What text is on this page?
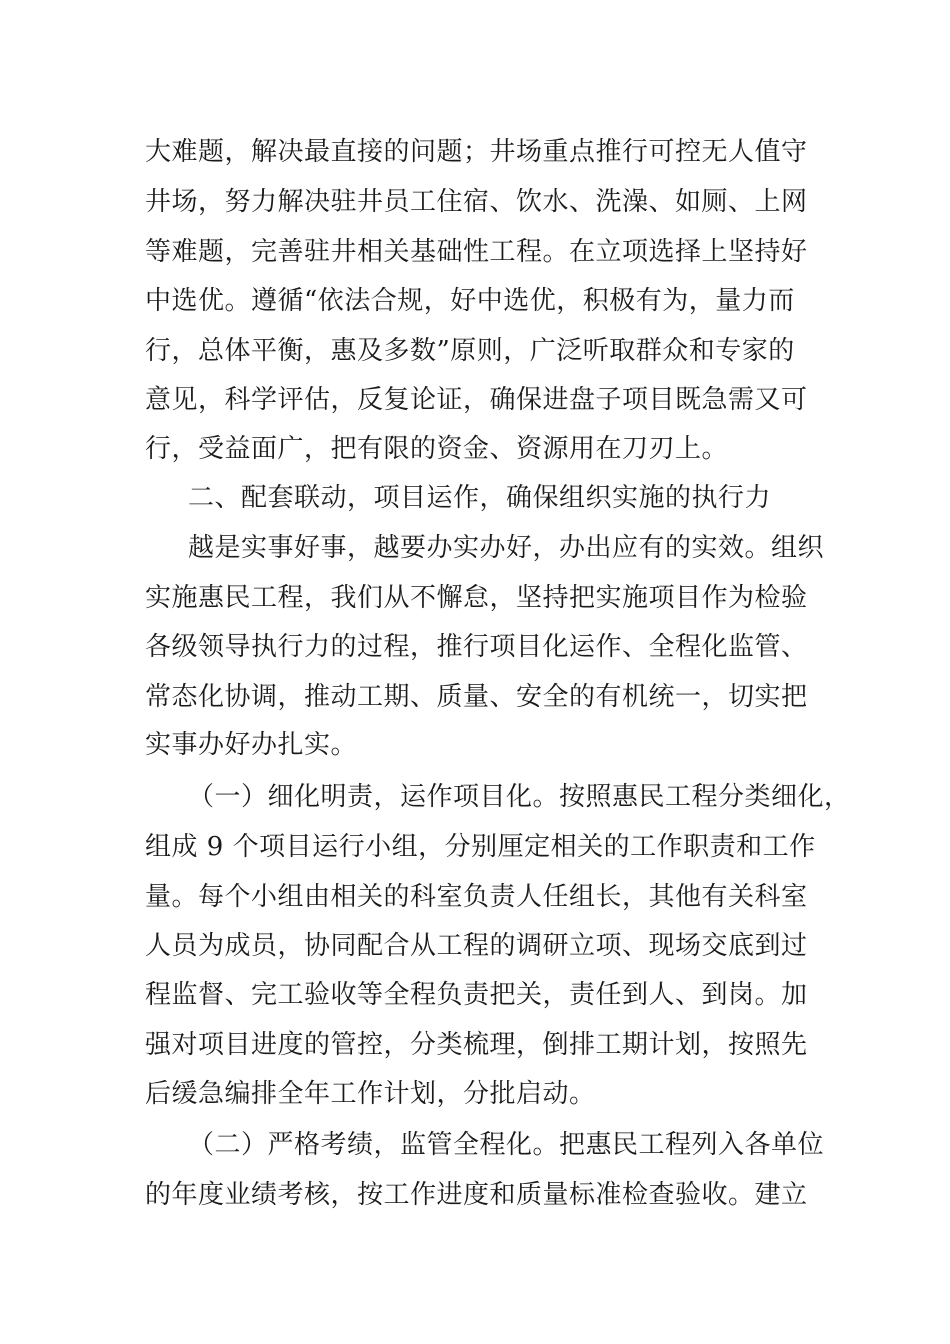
大难题，解决最直接的问题；井场重点推行可控无人值守
井场，努力解决驻井员工住宿、饮水、洗澡、如厕、上网
等难题，完善驻井相关基础性工程。在立项选择上坚持好
中选优。遵循“依法合规，好中选优，积极有为，量力而
行，总体平衡，惠及多数”原则，广泛听取群众和专家的
意见，科学评估，反复论证，确保进盘子项目既急需又可
行，受益面广，把有限的资金、资源用在刀刃上。
二、配套联动，项目运作，确保组织实施的执行力
越是实事好事，越要办实办好，办出应有的实效。组织
实施惠民工程，我们从不懈怠，坚持把实施项目作为检验
各级领导执行力的过程，推行项目化运作、全程化监管、
常态化协调，推动工期、质量、安全的有机统一，切实把
实事办好办扎实。
（一）细化明责，运作项目化。按照惠民工程分类细化，
组成 9 个项目运行小组，分别厘定相关的工作职责和工作
量。每个小组由相关的科室负责人任组长，其他有关科室
人员为成员，协同配合从工程的调研立项、现场交底到过
程监督、完工验收等全程负责把关，责任到人、到岗。加
强对项目进度的管控，分类梳理，倒排工期计划，按照先
后缓急编排全年工作计划，分批启动。
（二）严格考绩，监管全程化。把惠民工程列入各单位
的年度业绩考核，按工作进度和质量标准检查验收。建立
